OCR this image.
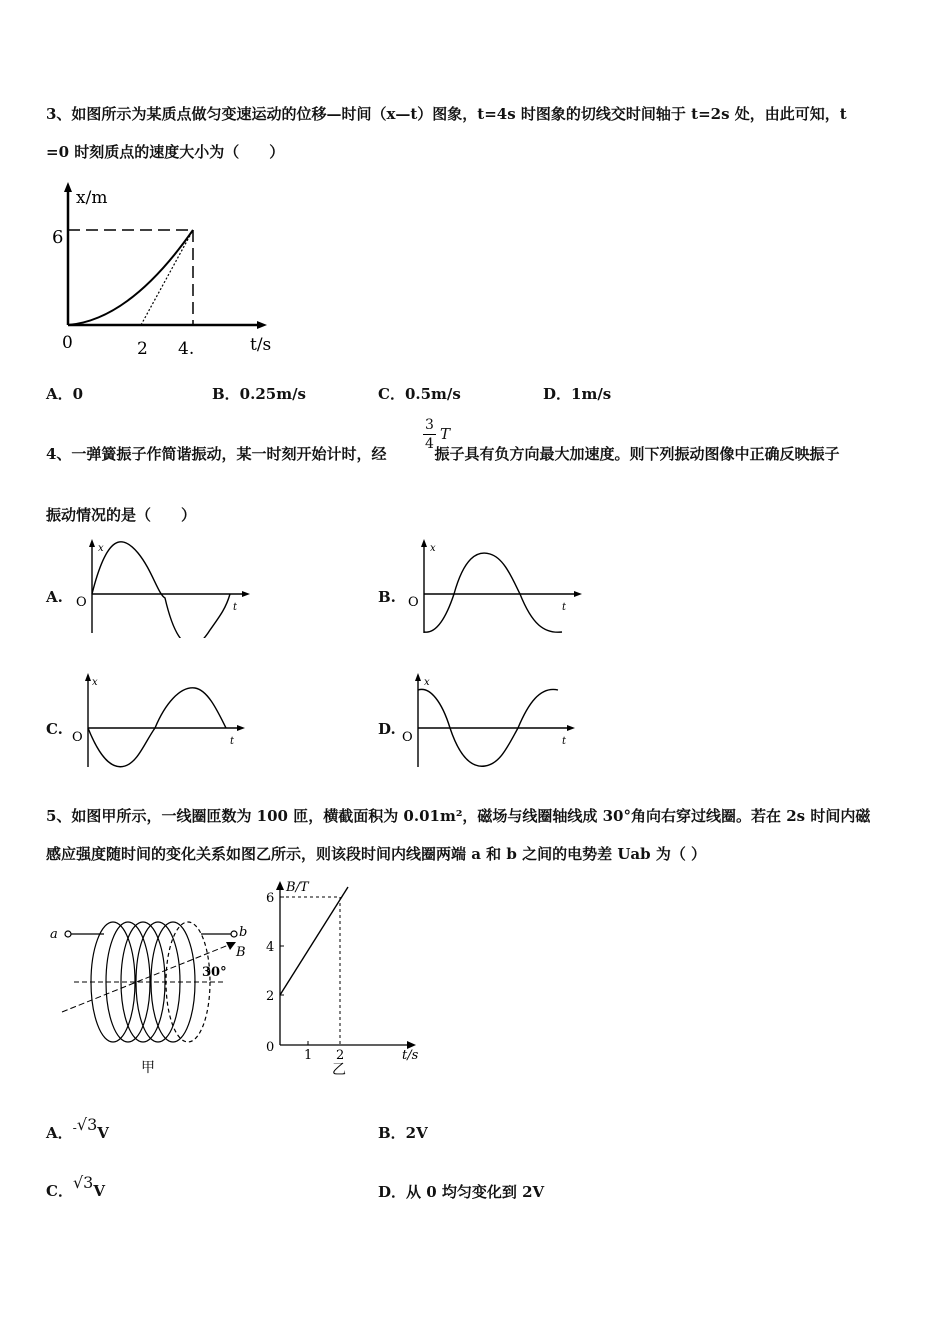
3、如图所示为某质点做匀变速运动的位移—时间（x—t）图象，t=4s 时图象的切线交时间轴于 t=2s 处，由此可知，t
=0 时刻质点的速度大小为（　　）
x/m
6
0	2 4.	t/s
A．0	B．0.25m/s	C．0.5m/s	D．1m/s
4、一弹簧振子作简谐振动，某一时刻开始计时，经	振子具有负方向最大加速度。则下列振动图像中正确反映振子
$\frac{3}{4}$ T
振动情况的是（　　）
A.
x
O	t
B.
x
O	t
C.
x
O	t
D.
x
O	t
5、如图甲所示，一线圈匝数为 100 匝，横截面积为 0.01m²，磁场与线圈轴线成 30°角向右穿过线圈。若在 2s 时间内磁
感应强度随时间的变化关系如图乙所示，则该段时间内线圈两端 a 和 b 之间的电势差 Uab 为（ ）
a	b
B
30°
甲
B/T
6
4
2
0
1 2	t/s
乙
A．-√3V	B．2V
C．√3V	D．从 0 均匀变化到 2V
